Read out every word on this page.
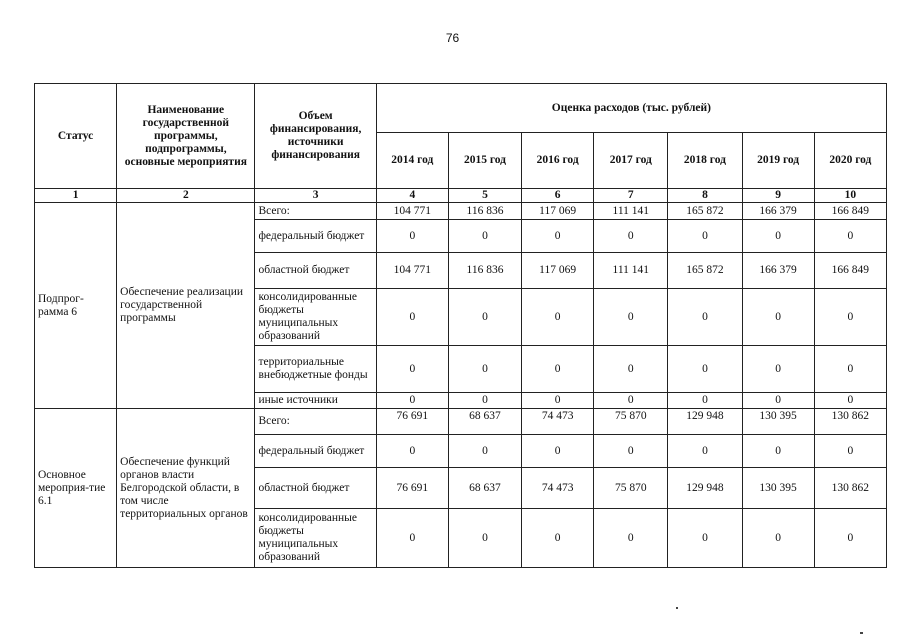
76
Статус	Наименование государственной программы, подпрограммы, основные мероприятия	Объем финансирования, источники финансирования	Оценка расходов (тыс. рублей)						
			2014 год	2015 год	2016 год	2017 год	2018 год	2019 год	2020 год
1	2	3	4	5	6	7	8	9	10
Подпрог-рамма 6	Обеспечение реализации государственной программы	Всего:	104 771	116 836	117 069	111 141	165 872	166 379	166 849
		федеральный бюджет	0	0	0	0	0	0	0
		областной бюджет	104 771	116 836	117 069	111 141	165 872	166 379	166 849
		консолидированные бюджеты муниципальных образований	0	0	0	0	0	0	0
		территориальные внебюджетные фонды	0	0	0	0	0	0	0
		иные источники	0	0	0	0	0	0	0
Основное мероприя-тие 6.1	Обеспечение функций органов власти Белгородской области, в том числе территориальных органов	Всего:	76 691	68 637	74 473	75 870	129 948	130 395	130 862
		федеральный бюджет	0	0	0	0	0	0	0
		областной бюджет	76 691	68 637	74 473	75 870	129 948	130 395	130 862
		консолидированные бюджеты муниципальных образований	0	0	0	0	0	0	0
